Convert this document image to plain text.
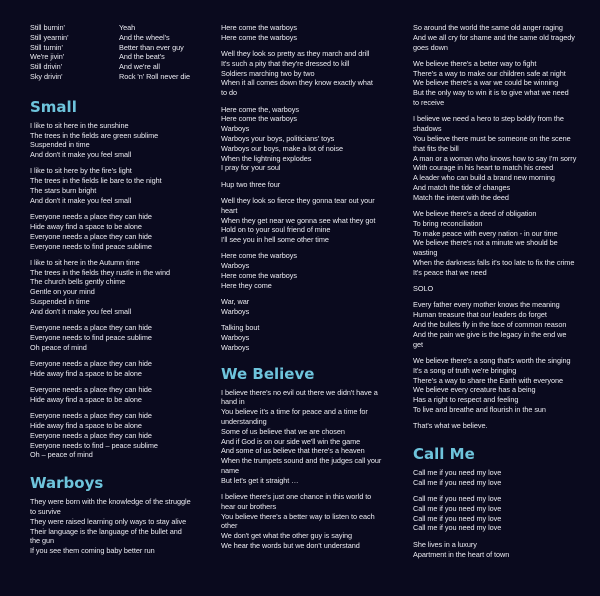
Still burnin'
Still yearnin'
Still turnin'
We're jivin'
Still drivin'
Sky drivin'
Yeah
And the wheel's
Better than ever guy
And the beat's
And we're all
Rock 'n' Roll never die
Small
I like to sit here in the sunshine
The trees in the fields are green sublime
Suspended in time
And don't it make you feel small
I like to sit here by the fire's light
The trees in the fields lie bare to the night
The stars burn bright
And don't it make you feel small
Everyone needs a place they can hide
Hide away find a space to be alone
Everyone needs a place they can hide
Everyone needs to find peace sublime
I like to sit here in the Autumn time
The trees in the fields they rustle in the wind
The church bells gently chime
Gentle on your mind
Suspended in time
And don't it make you feel small
Everyone needs a place they can hide
Everyone needs to find peace sublime
Oh peace of mind
Everyone needs a place they can hide
Hide away find a space to be alone
Everyone needs a place they can hide
Hide away find a space to be alone
Everyone needs a place they can hide
Hide away find a space to be alone
Everyone needs a place they can hide
Everyone needs to find – peace sublime
Oh – peace of mind
Warboys
They were born with the knowledge of the struggle
to survive
They were raised learning only ways to stay alive
Their language is the language of the bullet and
the gun
If you see them coming baby better run
Here come the warboys
Here come the warboys
Well they look so pretty as they march and drill
It's such a pity that they're dressed to kill
Soldiers marching two by two
When it all comes down they know exactly what
to do
Here come the, warboys
Here come the warboys
Warboys
Warboys your boys, politicians' toys
Warboys our boys, make a lot of noise
When the lightning explodes
I pray for your soul
Hup two three four
Well they look so fierce they gonna tear out your
heart
When they get near we gonna see what they got
Hold on to your soul friend of mine
I'll see you in hell some other time
Here come the warboys
Warboys
Here come the warboys
Here they come
War, war
Warboys
Talking bout
Warboys
Warboys
We Believe
I believe there's no evil out there we didn't have a
hand in
You believe it's a time for peace and a time for
understanding
Some of us believe that we are chosen
And if God is on our side we'll win the game
And some of us believe that there's a heaven
When the trumpets sound and the judges call your
name
But let's get it straight …
I believe there's just one chance in this world to
hear our brothers
You believe there's a better way to listen to each
other
We don't get what the other guy is saying
We hear the words but we don't understand
So around the world the same old anger raging
And we all cry for shame and the same old tragedy
goes down
We believe there's a better way to fight
There's a way to make our children safe at night
We believe there's a war we could be winning
But the only way to win it is to give what we need
to receive
I believe we need a hero to step boldly from the
shadows
You believe there must be someone on the scene
that fits the bill
A man or a woman who knows how to say I'm sorry
With courage in his heart to match his creed
A leader who can build a brand new morning
And match the tide of changes
Match the intent with the deed
We believe there's a deed of obligation
To bring reconciliation
To make peace with every nation - in our time
We believe there's not a minute we should be
wasting
When the darkness falls it's too late to fix the crime
It's peace that we need
SOLO
Every father every mother knows the meaning
Human treasure that our leaders do forget
And the bullets fly in the face of common reason
And the pain we give is the legacy in the end we
get
We believe there's a song that's worth the singing
It's a song of truth we're bringing
There's a way to share the Earth with everyone
We believe every creature has a being
Has a right to respect and feeling
To live and breathe and flourish in the sun
That's what we believe.
Call Me
Call me if you need my love
Call me if you need my love
Call me if you need my love
Call me if you need my love
Call me if you need my love
Call me if you need my love
She lives in a luxury
Apartment in the heart of town
